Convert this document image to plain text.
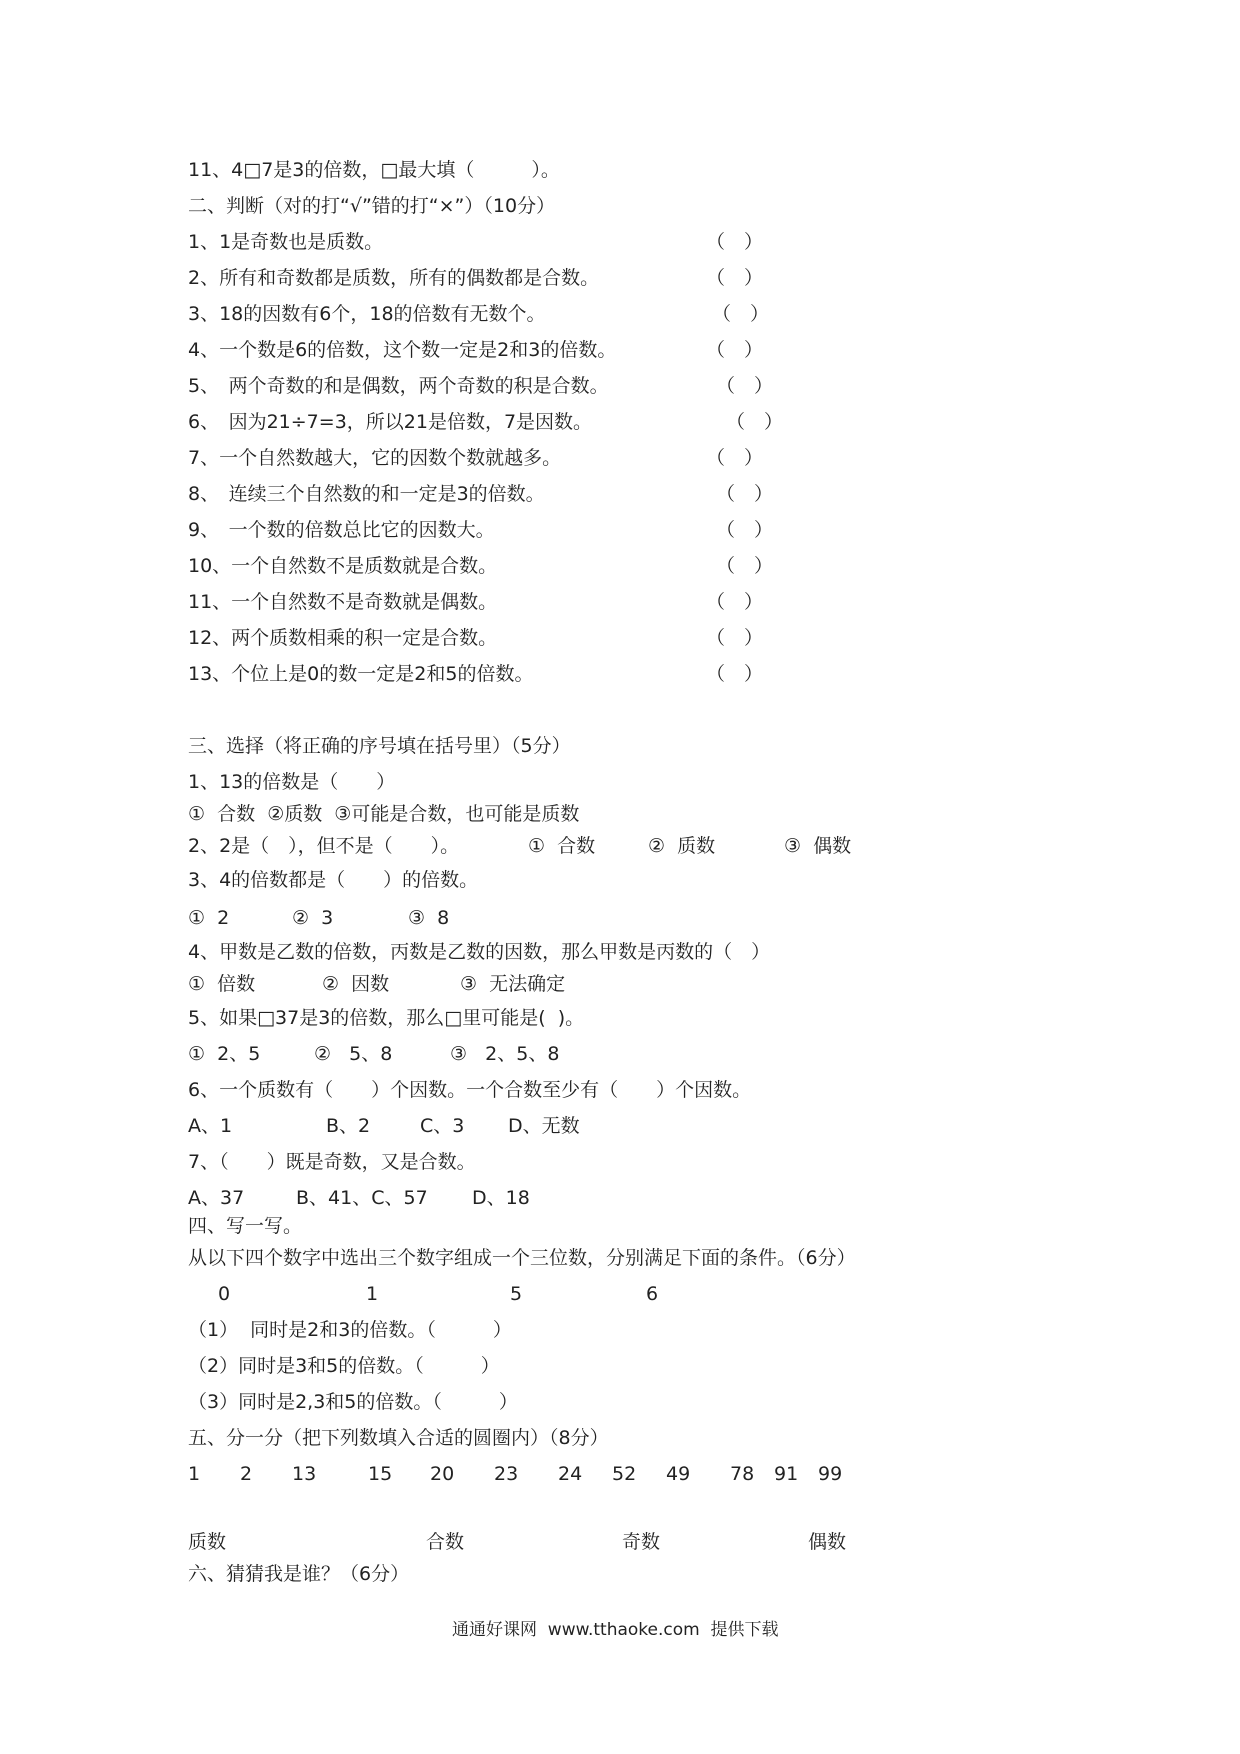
11、4□7是3的倍数，□最大填（　　　）。
二、判断（对的打“√”错的打“×”）（10分）
1、1是奇数也是质数。	（　）
2、所有和奇数都是质数，所有的偶数都是合数。	（　）
3、18的因数有6个，18的倍数有无数个。	（　）
4、一个数是6的倍数，这个数一定是2和3的倍数。	（　）
5、　两个奇数的和是偶数，两个奇数的积是合数。	（　）
6、　因为21÷7=3，所以21是倍数，7是因数。	（　）
7、一个自然数越大，它的因数个数就越多。	（　）
8、　连续三个自然数的和一定是3的倍数。	（　）
9、　一个数的倍数总比它的因数大。	（　）
10、一个自然数不是质数就是合数。	（　）
11、一个自然数不是奇数就是偶数。	（　）
12、两个质数相乘的积一定是合数。	（　）
13、个位上是0的数一定是2和5的倍数。	（　）
三、选择（将正确的序号填在括号里）（5分）
1、13的倍数是（　　）
①  合数  ②质数  ③可能是合数，也可能是质数
2、2是（　），但不是（　　）。	①  合数	②  质数	③  偶数
3、4的倍数都是（　　）的倍数。
①  2	②  3	③  8
4、甲数是乙数的倍数，丙数是乙数的因数，那么甲数是丙数的（　）
①  倍数	②  因数	③  无法确定
5、如果□37是3的倍数，那么□里可能是(  )。
①  2、5	②   5、8	③   2、5、8
6、一个质数有（　　）个因数。一个合数至少有（　　）个因数。
A、1	B、2	C、3 D、无数
7、（　　）既是奇数，又是合数。
A、37	B、41、C、57 D、18
四、写一写。
从以下四个数字中选出三个数字组成一个三位数，分别满足下面的条件。（6分）
0	1	5	6
（1）  同时是2和3的倍数。（　　　）
（2）同时是3和5的倍数。（　　　）
（3）同时是2,3和5的倍数。（　　　）
五、分一分（把下列数填入合适的圆圈内）（8分）
1 2 13	15 20 23 24 52 49 78 91 99
质数	合数	奇数	偶数
六、猜猜我是谁？（6分）
通通好课网  www.tthaoke.com  提供下载
